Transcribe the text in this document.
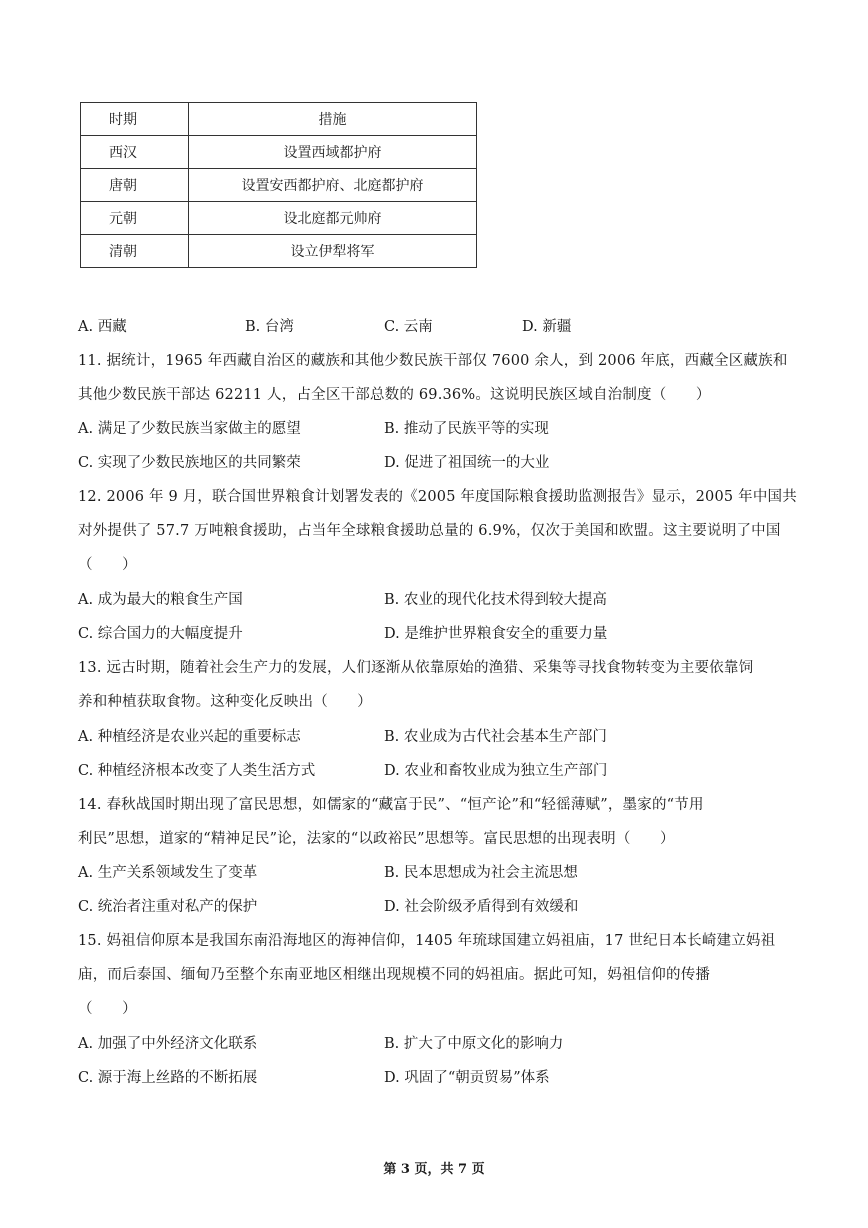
时期	措施
西汉	设置西域都护府
唐朝	设置安西都护府、北庭都护府
元朝	设北庭都元帅府
清朝	设立伊犁将军
A. 西藏	B. 台湾	C. 云南	D. 新疆
11. 据统计，1965 年西藏自治区的藏族和其他少数民族干部仅 7600 余人，到 2006 年底，西藏全区藏族和
其他少数民族干部达 62211 人，占全区干部总数的 69.36%。这说明民族区域自治制度（　　）
A. 满足了少数民族当家做主的愿望	B. 推动了民族平等的实现
C. 实现了少数民族地区的共同繁荣	D. 促进了祖国统一的大业
12. 2006 年 9 月，联合国世界粮食计划署发表的《2005 年度国际粮食援助监测报告》显示，2005 年中国共
对外提供了 57.7 万吨粮食援助，占当年全球粮食援助总量的 6.9%，仅次于美国和欧盟。这主要说明了中国
（　　）
A. 成为最大的粮食生产国	B. 农业的现代化技术得到较大提高
C. 综合国力的大幅度提升	D. 是维护世界粮食安全的重要力量
13. 远古时期，随着社会生产力的发展，人们逐渐从依靠原始的渔猎、采集等寻找食物转变为主要依靠饲
养和种植获取食物。这种变化反映出（　　）
A. 种植经济是农业兴起的重要标志	B. 农业成为古代社会基本生产部门
C. 种植经济根本改变了人类生活方式	D. 农业和畜牧业成为独立生产部门
14. 春秋战国时期出现了富民思想，如儒家的“藏富于民”、“恒产论”和“轻徭薄赋”，墨家的“节用
利民”思想，道家的“精神足民”论，法家的“以政裕民”思想等。富民思想的出现表明（　　）
A. 生产关系领域发生了变革	B. 民本思想成为社会主流思想
C. 统治者注重对私产的保护	D. 社会阶级矛盾得到有效缓和
15. 妈祖信仰原本是我国东南沿海地区的海神信仰，1405 年琉球国建立妈祖庙，17 世纪日本长崎建立妈祖
庙，而后泰国、缅甸乃至整个东南亚地区相继出现规模不同的妈祖庙。据此可知，妈祖信仰的传播
（　　）
A. 加强了中外经济文化联系	B. 扩大了中原文化的影响力
C. 源于海上丝路的不断拓展	D. 巩固了“朝贡贸易”体系
第 3 页，共 7 页
